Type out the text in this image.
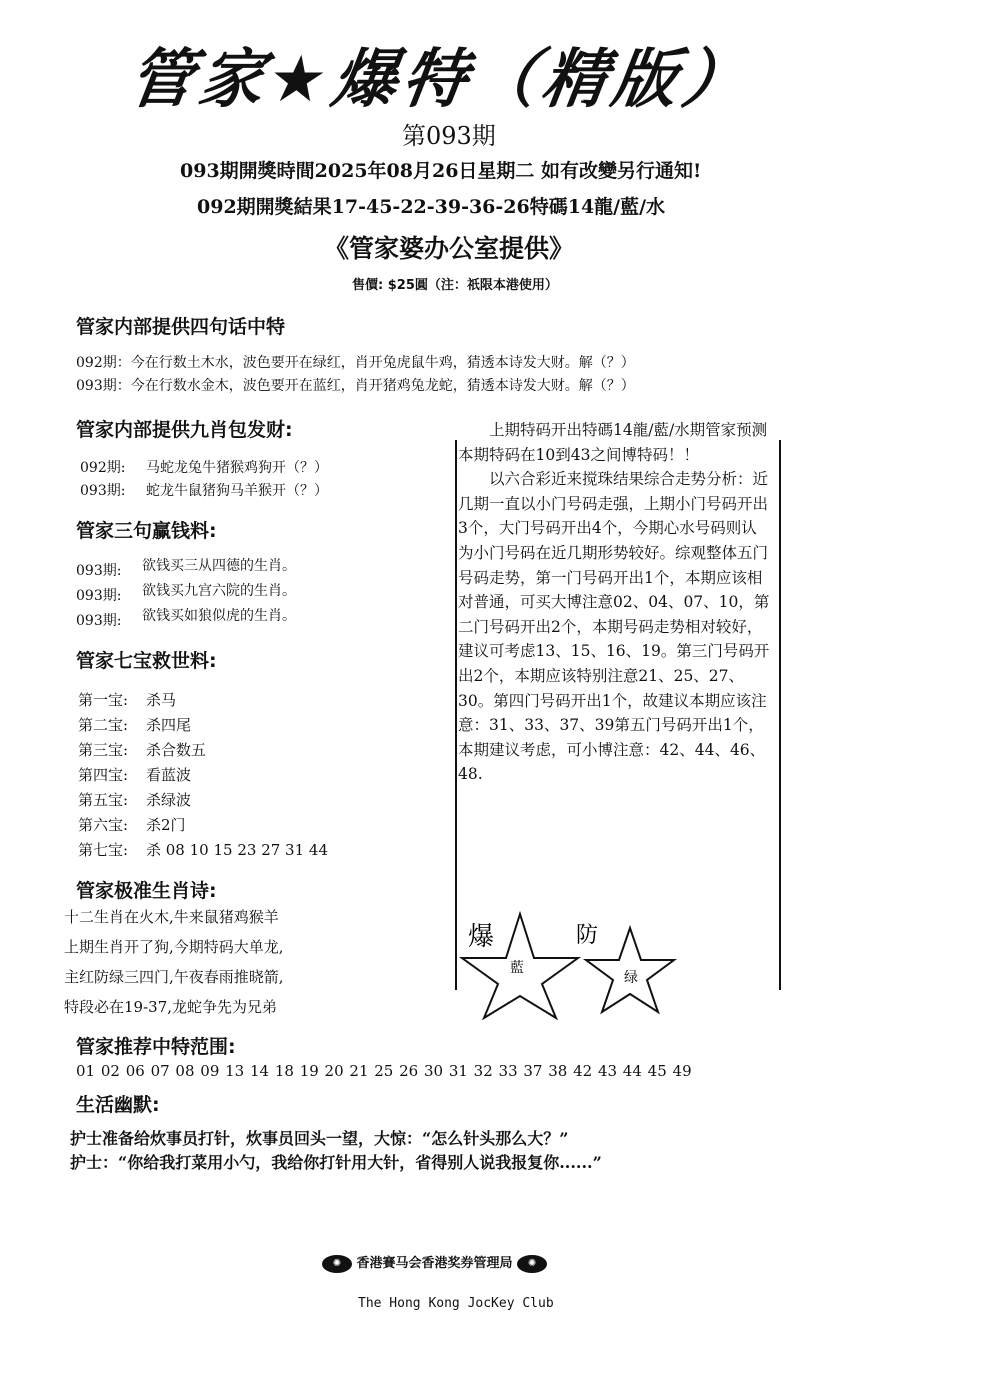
管家★爆特（精版）
第093期
093期開獎時間2025年08月26日星期二 如有改變另行通知!
092期開獎結果17-45-22-39-36-26特碼14龍/藍/水
《管家婆办公室提供》
售價: $25圓（注：祇限本港使用）
管家内部提供四句话中特
092期：今在行数土木水，波色要开在绿红，肖开兔虎鼠牛鸡，猜透本诗发大财。解（？）
093期：今在行数水金木，波色要开在蓝红，肖开猪鸡兔龙蛇，猜透本诗发大财。解（？）
管家内部提供九肖包发财:
092期: 马蛇龙兔牛猪猴鸡狗开（？）
093期: 蛇龙牛鼠猪狗马羊猴开（？）
管家三句赢钱料:
093期: 欲钱买三从四德的生肖。
093期: 欲钱买九宫六院的生肖。
093期: 欲钱买如狼似虎的生肖。
管家七宝救世料:
第一宝: 杀马
第二宝: 杀四尾
第三宝: 杀合数五
第四宝: 看蓝波
第五宝: 杀绿波
第六宝: 杀2门
第七宝: 杀 08 10 15 23 27 31 44
管家极准生肖诗:
十二生肖在火木,牛来鼠猪鸡猴羊
上期生肖开了狗,今期特码大单龙,
主红防绿三四门,午夜春雨推晓箭,
特段必在19-37,龙蛇争先为兄弟

上期特码开出特碼14龍/藍/水期管家预测本期特码在10到43之间博特码！！

以六合彩近来搅珠结果综合走势分析：近几期一直以小门号码走强，上期小门号码开出3个，大门号码开出4个，今期心水号码则认为小门号码在近几期形势较好。综观整体五门号码走势，第一门号码开出1个，本期应该相对普通，可买大博注意02、04、07、10，第二门号码开出2个，本期号码走势相对较好，建议可考虑13、15、16、19。第三门号码开出2个，本期应该特别注意21、25、27、30。第四门号码开出1个，故建议本期应该注意：31、33、37、39第五门号码开出1个，本期建议考虑，可小博注意：42、44、46、48.

爆
藍
防
绿
管家推荐中特范围:
01 02 06 07 08 09 13 14 18 19 20 21 25 26 30 31 32 33 37 38 42 43 44 45 49
生活幽默:
护士准备给炊事员打针，炊事员回头一望，大惊：“怎么针头那么大？”
护士：“你给我打菜用小勺，我给你打针用大针，省得别人说我报复你......”
✺ 香港賽马会香港奖券管理局 ✺
The Hong Kong JocKey Club
